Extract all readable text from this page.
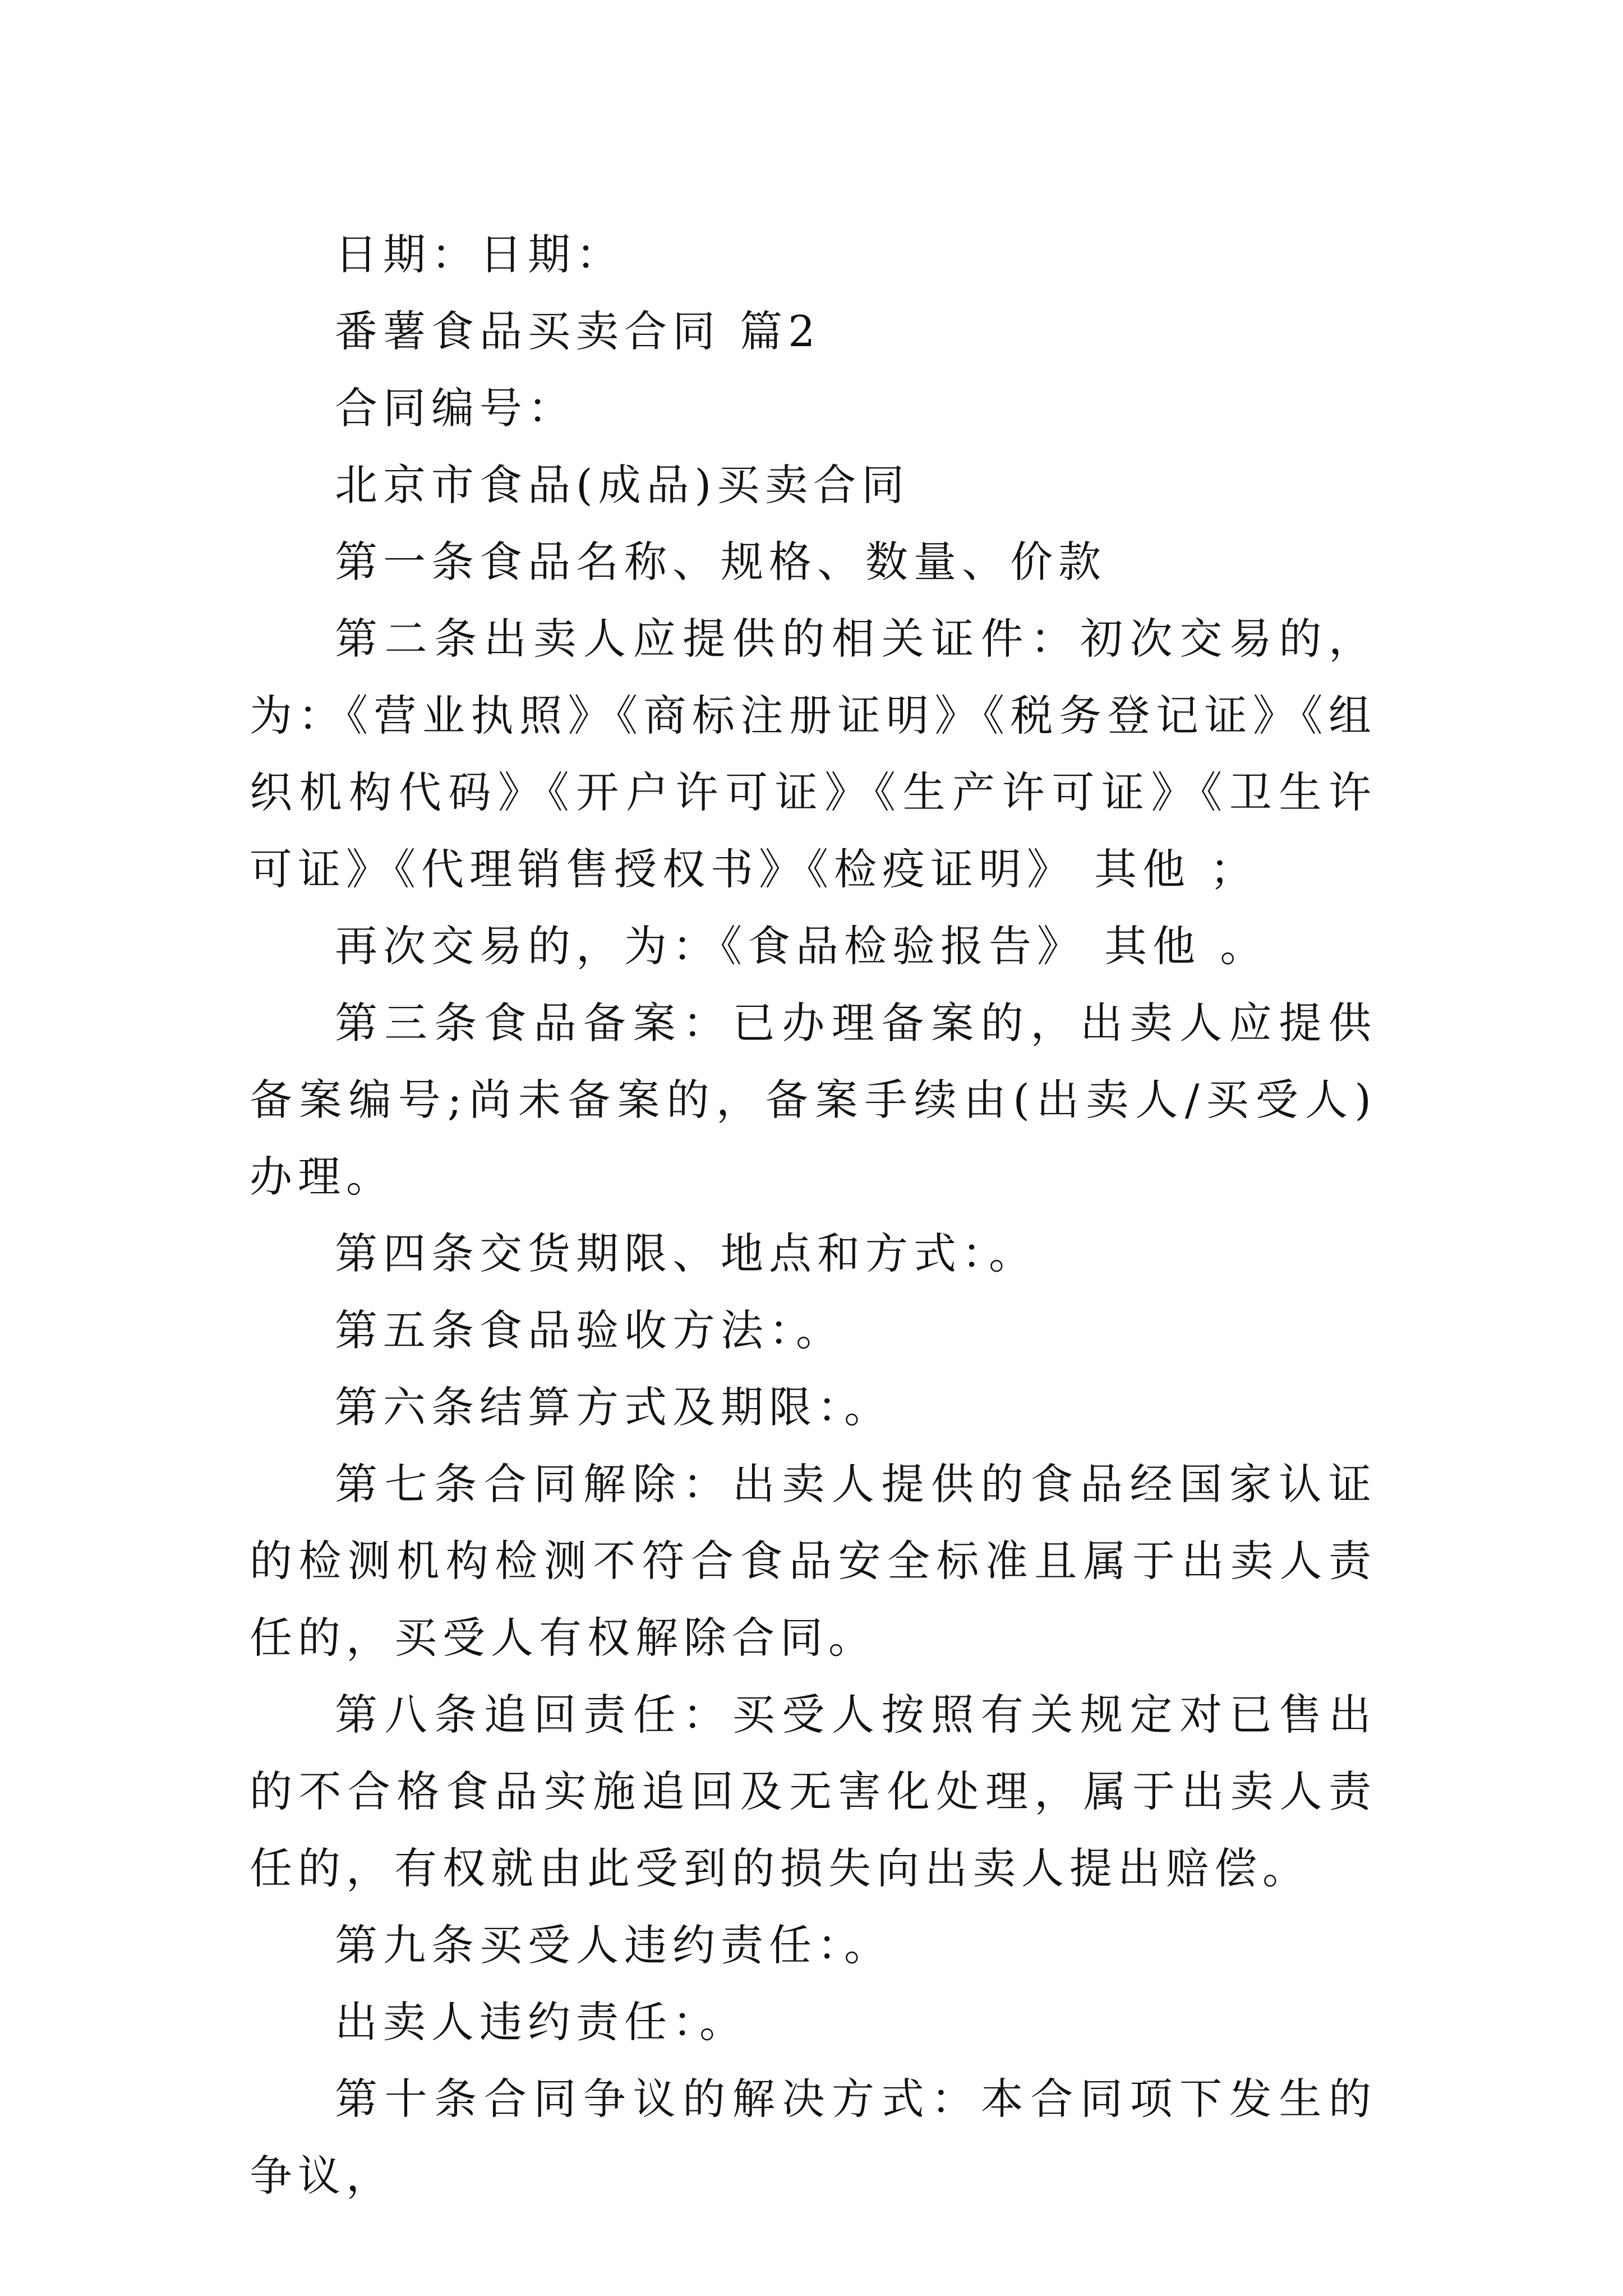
日期：日期：

番薯食品买卖合同 篇2

合同编号：

北京市食品(成品)买卖合同

第一条食品名称、规格、数量、价款

第二条出卖人应提供的相关证件：初次交易的，为：《营业执照》《商标注册证明》《税务登记证》《组织机构代码》《开户许可证》《生产许可证》《卫生许可证》《代理销售授权书》《检疫证明》 其他 ；

再次交易的，为：《食品检验报告》 其他 。

第三条食品备案：已办理备案的，出卖人应提供备案编号;尚未备案的，备案手续由(出卖人/买受人)办理。

第四条交货期限、地点和方式：。

第五条食品验收方法：。

第六条结算方式及期限：。

第七条合同解除：出卖人提供的食品经国家认证的检测机构检测不符合食品安全标准且属于出卖人责任的，买受人有权解除合同。

第八条追回责任：买受人按照有关规定对已售出的不合格食品实施追回及无害化处理，属于出卖人责任的，有权就由此受到的损失向出卖人提出赔偿。

第九条买受人违约责任：。

出卖人违约责任：。

第十条合同争议的解决方式：本合同项下发生的争议，
